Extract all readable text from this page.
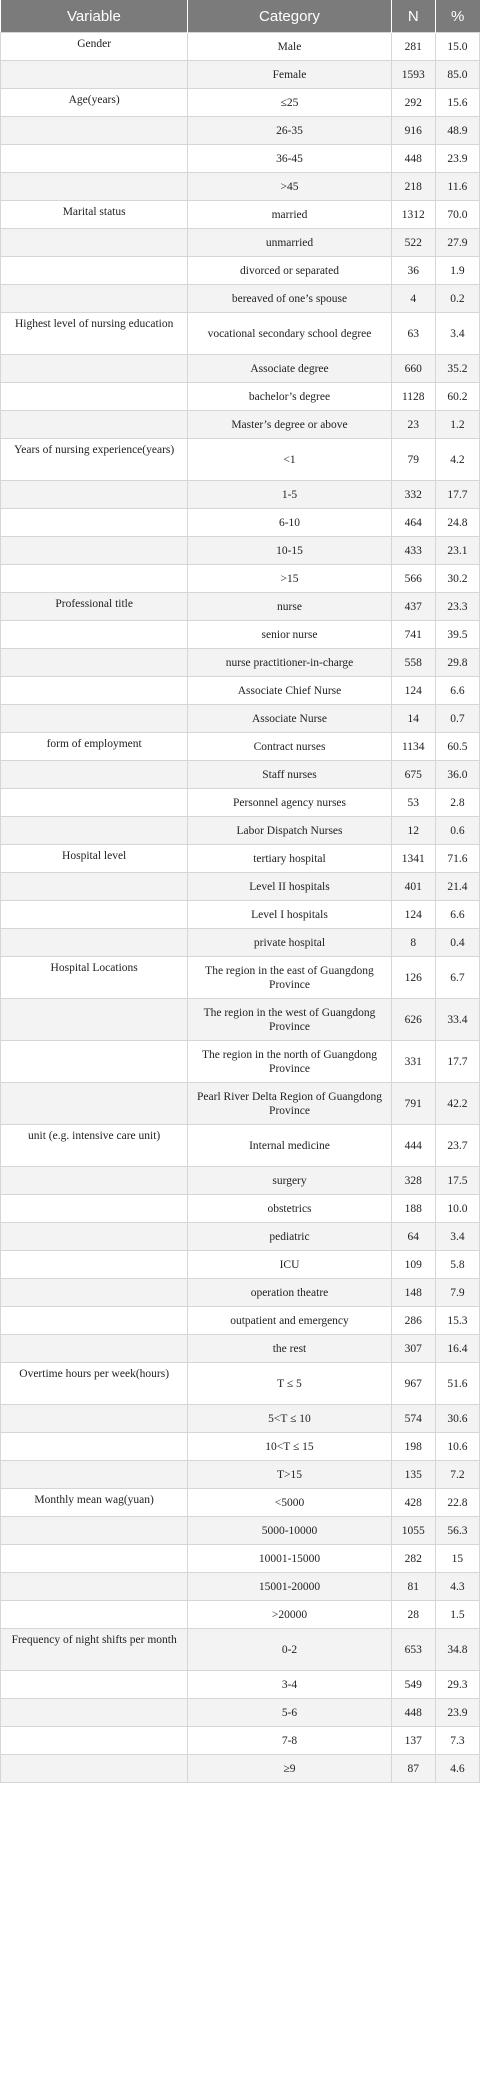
Variable	Category	N	%
Gender	Male	281	15.0
	Female	1593	85.0
Age(years)	≤25	292	15.6
	26-35	916	48.9
	36-45	448	23.9
	>45	218	11.6
Marital status	married	1312	70.0
	unmarried	522	27.9
	divorced or separated	36	1.9
	bereaved of one’s spouse	4	0.2
Highest level of nursing education	vocational secondary school degree	63	3.4
	Associate degree	660	35.2
	bachelor’s degree	1128	60.2
	Master’s degree or above	23	1.2
Years of nursing experience(years)	<1	79	4.2
	1-5	332	17.7
	6-10	464	24.8
	10-15	433	23.1
	>15	566	30.2
Professional title	nurse	437	23.3
	senior nurse	741	39.5
	nurse practitioner-in-charge	558	29.8
	Associate Chief Nurse	124	6.6
	Associate Nurse	14	0.7
form of employment	Contract nurses	1134	60.5
	Staff nurses	675	36.0
	Personnel agency nurses	53	2.8
	Labor Dispatch Nurses	12	0.6
Hospital level	tertiary hospital	1341	71.6
	Level II hospitals	401	21.4
	Level I hospitals	124	6.6
	private hospital	8	0.4
Hospital Locations	The region in the east of Guangdong Province	126	6.7
	The region in the west of Guangdong Province	626	33.4
	The region in the north of Guangdong Province	331	17.7
	Pearl River Delta Region of Guangdong Province	791	42.2
unit (e.g. intensive care unit)	Internal medicine	444	23.7
	surgery	328	17.5
	obstetrics	188	10.0
	pediatric	64	3.4
	ICU	109	5.8
	operation theatre	148	7.9
	outpatient and emergency	286	15.3
	the rest	307	16.4
Overtime hours per week(hours)	T ≤ 5	967	51.6
	5<T ≤ 10	574	30.6
	10<T ≤ 15	198	10.6
	T>15	135	7.2
Monthly mean wag(yuan)	<5000	428	22.8
	5000-10000	1055	56.3
	10001-15000	282	15
	15001-20000	81	4.3
	>20000	28	1.5
Frequency of night shifts per month	0-2	653	34.8
	3-4	549	29.3
	5-6	448	23.9
	7-8	137	7.3
	≥9	87	4.6
